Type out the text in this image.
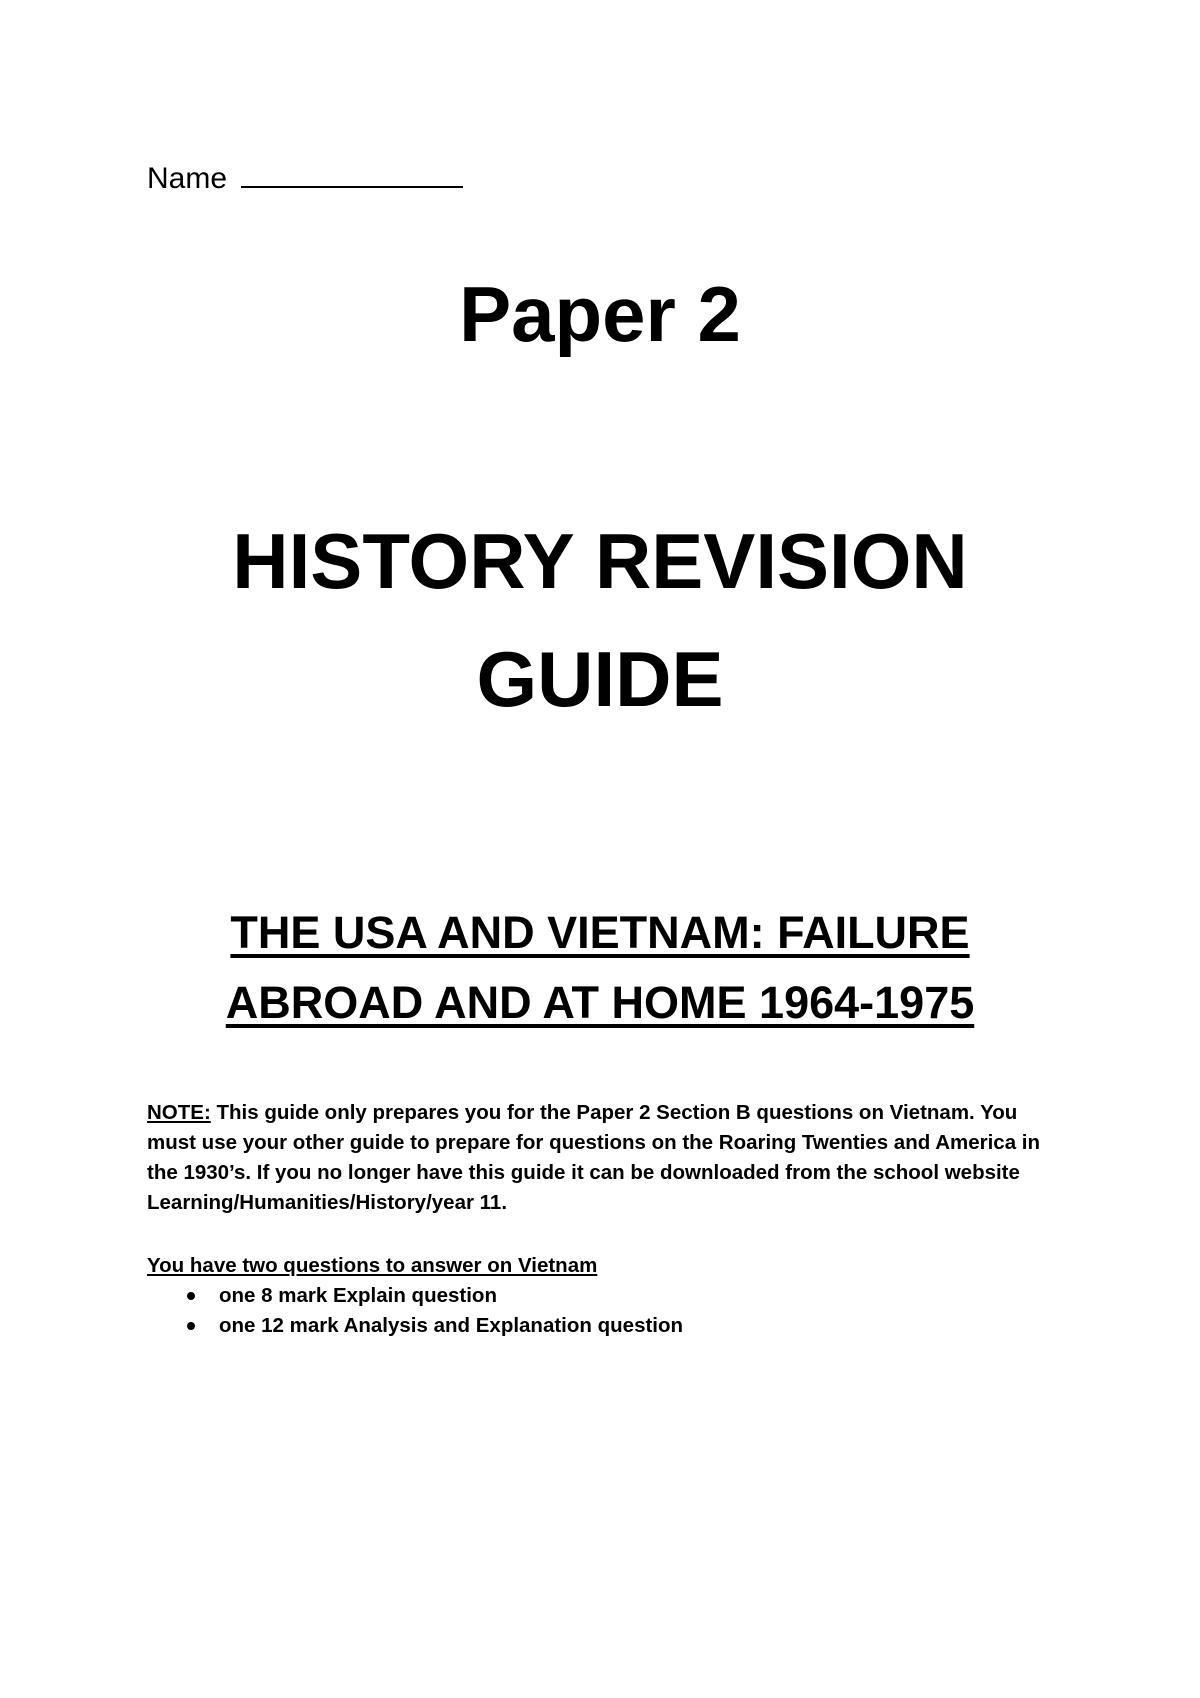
Name
Paper 2
HISTORY REVISION
GUIDE
THE USA AND VIETNAM: FAILURE
ABROAD AND AT HOME 1964-1975
NOTE: This guide only prepares you for the Paper 2 Section B questions on Vietnam. You must use your other guide to prepare for questions on the Roaring Twenties and America in the 1930’s. If you no longer have this guide it can be downloaded from the school website Learning/Humanities/History/year 11.
You have two questions to answer on Vietnam
one 8 mark Explain question
one 12 mark Analysis and Explanation question
